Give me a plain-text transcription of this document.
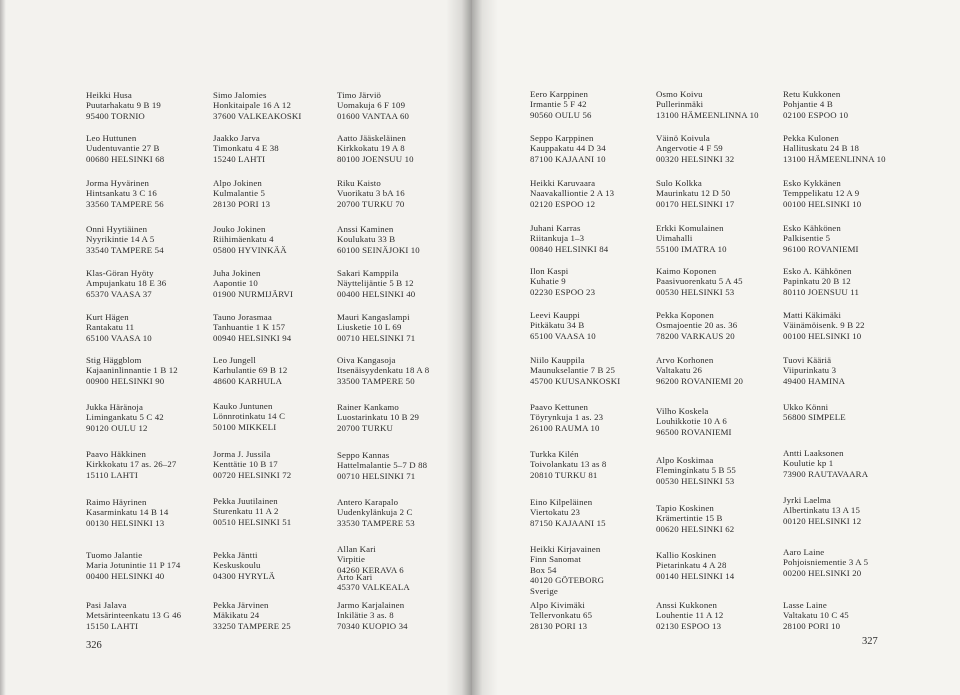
Heikki Husa
Puutarhakatu 9 B 19
95400 TORNIO
Simo Jalomies
Honkitaipale 16 A 12
37600 VALKEAKOSKI
Timo Järviö
Uomakuja 6 F 109
01600 VANTAA 60
Leo Huttunen
Uudentuvantie 27 B
00680 HELSINKI 68
Jaakko Jarva
Timonkatu 4 E 38
15240 LAHTI
Aatto Jääskeläinen
Kirkkokatu 19 A 8
80100 JOENSUU 10
Jorma Hyvärinen
Hintsankatu 3 C 16
33560 TAMPERE 56
Alpo Jokinen
Kulmalantie 5
28130 PORI 13
Riku Kaisto
Vuorikatu 3 bA 16
20700 TURKU 70
Onni Hyytiäinen
Nyyrikintie 14 A 5
33540 TAMPERE 54
Jouko Jokinen
Riihimäenkatu 4
05800 HYVINKÄÄ
Anssi Kaminen
Koulukatu 33 B
60100 SEINÄJOKI 10
Klas-Göran Hyöty
Ampujankatu 18 E 36
65370 VAASA 37
Juha Jokinen
Aapontie 10
01900 NURMIJÄRVI
Sakari Kamppila
Näyttelijäntie 5 B 12
00400 HELSINKI 40
Kurt Hägen
Rantakatu 11
65100 VAASA 10
Tauno Jorasmaa
Tanhuantie 1 K 157
00940 HELSINKI 94
Mauri Kangaslampi
Liusketie 10 L 69
00710 HELSINKI 71
Stig Häggblom
Kajaaninlinnantie 1 B 12
00900 HELSINKI 90
Jukka Häränoja
Limingankatu 5 C 42
90120 OULU 12
Paavo Häkkinen
Kirkkokatu 17 as. 26–27
15110 LAHTI
Raimo Häyrinen
Kasarminkatu 14 B 14
00130 HELSINKI 13
Tuomo Jalantie
Maria Jotunintie 11 P 174
00400 HELSINKI 40
Leo Jungell
Karhulantie 69 B 12
48600 KARHULA
Kauko Juntunen
Lönnrotinkatu 14 C
50100 MIKKELI
Jorma J. Jussila
Kenttätie 10 B 17
00720 HELSINKI 72
Pekka Juutilainen
Sturenkatu 11 A 2
00510 HELSINKI 51
Pekka Jäntti
Keskuskoulu
04300 HYRYLÄ
Oiva Kangasoja
Itsenäisyydenkatu 18 A 8
33500 TAMPERE 50
Rainer Kankamo
Luostarinkatu 10 B 29
20700 TURKU
Seppo Kannas
Hattelmalantie 5–7 D 88
00710 HELSINKI 71
Antero Karapalo
Uudenkylänkuja 2 C
33530 TAMPERE 53
Allan Kari
Virpitie
04260 KERAVA 6
Arto Kari
45370 VALKEALA
Pasi Jalava
Metsärinteenkatu 13 G 46
15150 LAHTI
Pekka Järvinen
Mäkikatu 24
33250 TAMPERE 25
Jarmo Karjalainen
Inkilätie 3 as. 8
70340 KUOPIO 34
Eero Karppinen
Irmantie 5 F 42
90560 OULU 56
Osmo Koivu
Pullerinmäki
13100 HÄMEENLINNA 10
Retu Kukkonen
Pohjantie 4 B
02100 ESPOO 10
Seppo Karppinen
Kauppakatu 44 D 34
87100 KAJAANI 10
Väinö Koivula
Angervotie 4 F 59
00320 HELSINKI 32
Pekka Kulonen
Hallituskatu 24 B 18
13100 HÄMEENLINNA 10
Heikki Karuvaara
Naavakalliontie 2 A 13
02120 ESPOO 12
Sulo Kolkka
Maurinkatu 12 D 50
00170 HELSINKI 17
Esko Kykkänen
Temppelikatu 12 A 9
00100 HELSINKI 10
Juhani Karras
Riitankuja 1–3
00840 HELSINKI 84
Erkki Komulainen
Uimahalli
55100 IMATRA 10
Esko Kähkönen
Palkisentie 5
96100 ROVANIEMI
Ilon Kaspi
Kuhatie 9
02230 ESPOO 23
Kaimo Koponen
Paasivuorenkatu 5 A 45
00530 HELSINKI 53
Esko A. Kähkönen
Papinkatu 20 B 12
80110 JOENSUU 11
Leevi Kauppi
Pitkäkatu 34 B
65100 VAASA 10
Pekka Koponen
Osmajoentie 20 as. 36
78200 VARKAUS 20
Matti Käkimäki
Väinämöisenk. 9 B 22
00100 HELSINKI 10
Niilo Kauppila
Maunukselantie 7 B 25
45700 KUUSANKOSKI
Paavo Kettunen
Töyrynkuja 1 as. 23
26100 RAUMA 10
Turkka Kilén
Toivolankatu 13 as 8
20810 TURKU 81
Eino Kilpeläinen
Viertokatu 23
87150 KAJAANI 15
Heikki Kirjavainen
Finn Sanomat
Box 54
40120 GÖTEBORG
Sverige
Arvo Korhonen
Valtakatu 26
96200 ROVANIEMI 20
Vilho Koskela
Louhikkotie 10 A 6
96500 ROVANIEMI
Alpo Koskimaa
Flemingínkatu 5 B 55
00530 HELSINKI 53
Tapio Koskinen
Krämertintie 15 B
00620 HELSINKI 62
Kallio Koskinen
Pietarinkatu 4 A 28
00140 HELSINKI 14
Tuovi Kääriä
Viipurinkatu 3
49400 HAMINA
Ukko Könni
56800 SIMPELE
Antti Laaksonen
Koulutie kp 1
73900 RAUTAVAARA
Jyrki Laelma
Albertinkatu 13 A 15
00120 HELSINKI 12
Aaro Laine
Pohjoisniementie 3 A 5
00200 HELSINKI 20
Alpo Kivimäki
Tellervonkatu 65
28130 PORI 13
Anssi Kukkonen
Louhentie 11 A 12
02130 ESPOO 13
Lasse Laine
Valtakatu 10 C 45
28100 PORI 10
326	327
